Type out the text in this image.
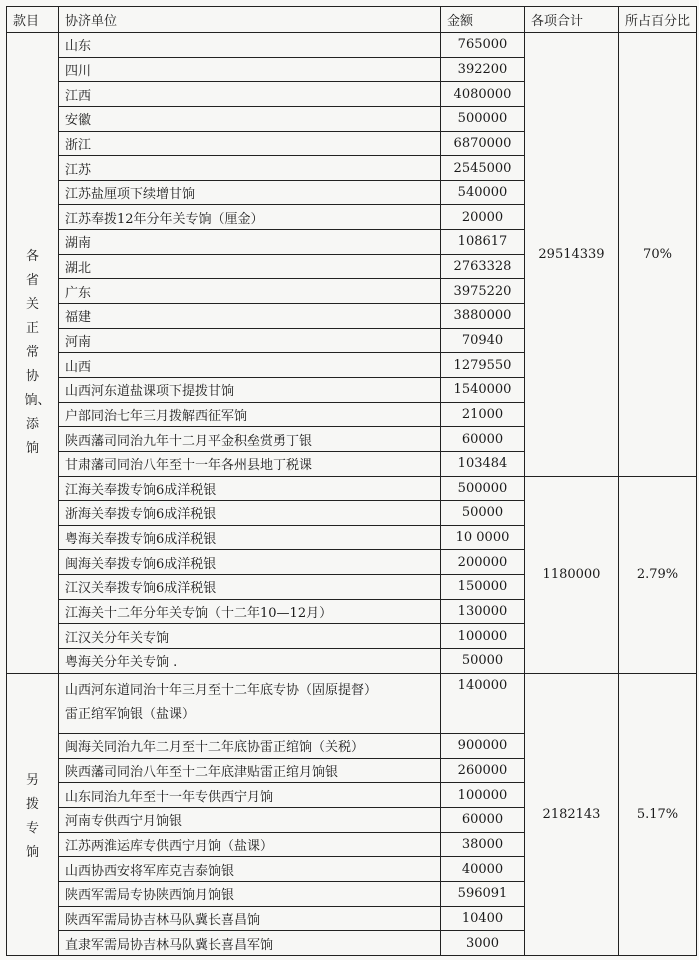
款目	协济单位	金额	各项合计	所占百分比
各省关正常协饷、添饷	山东	765000	29514339	70%
	四川	392200		
	江西	4080000		
	安徽	500000		
	浙江	6870000		
	江苏	2545000		
	江苏盐厘项下续增甘饷	540000		
	江苏奉拨12年分年关专饷（厘金）	20000		
	湖南	108617		
	湖北	2763328		
	广东	3975220		
	福建	3880000		
	河南	70940		
	山西	1279550		
	山西河东道盐课项下提拨甘饷	1540000		
	户部同治七年三月拨解西征军饷	21000		
	陕西藩司同治九年十二月平金积垒赏勇丁银	60000		
	甘肃藩司同治八年至十一年各州县地丁税课	103484		
	江海关奉拨专饷6成洋税银	500000	1180000	2.79%
	浙海关奉拨专饷6成洋税银	50000		
	粤海关奉拨专饷6成洋税银	10 0000		
	闽海关奉拨专饷6成洋税银	200000		
	江汉关奉拨专饷6成洋税银	150000		
	江海关十二年分年关专饷（十二年10—12月）	130000		
	江汉关分年关专饷	100000		
	粤海关分年关专饷 .	50000		
另拨专饷	山西河东道同治十年三月至十二年底专协（固原提督）
雷正绾军饷银（盐课）	140000	2182143	5.17%
	闽海关同治九年二月至十二年底协雷正绾饷（关税）	900000		
	陕西藩司同治八年至十二年底津贴雷正绾月饷银	260000		
	山东同治九年至十一年专供西宁月饷	100000		
	河南专供西宁月饷银	60000		
	江苏两淮运库专供西宁月饷（盐课）	38000		
	山西协西安将军库克吉泰饷银	40000		
	陕西军需局专协陕西饷月饷银	596091		
	陕西军需局协吉林马队冀长喜昌饷	10400		
	直隶军需局协吉林马队冀长喜昌军饷	3000		
